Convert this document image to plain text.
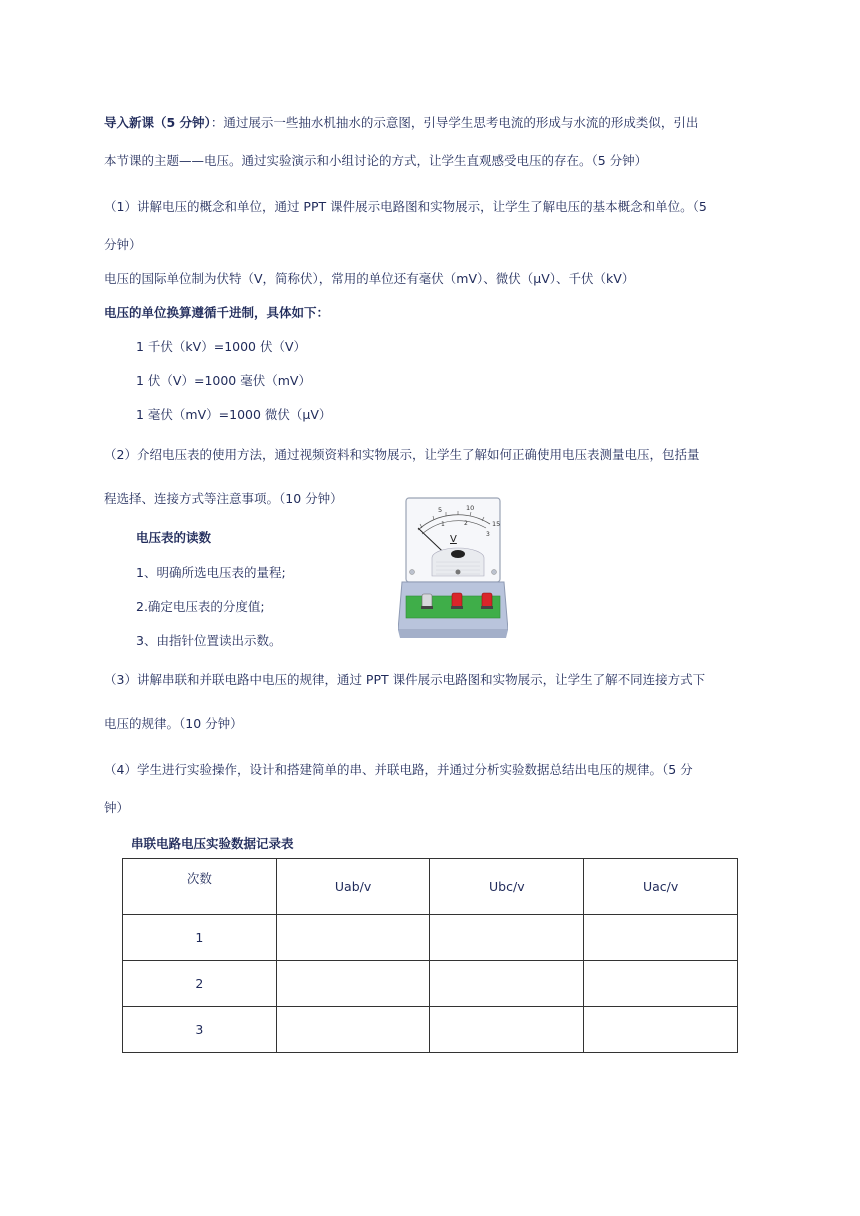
导入新课（5 分钟）：通过展示一些抽水机抽水的示意图，引导学生思考电流的形成与水流的形成类似，引出
本节课的主题——电压。通过实验演示和小组讨论的方式，让学生直观感受电压的存在。（5 分钟）
（1）讲解电压的概念和单位，通过 PPT 课件展示电路图和实物展示，让学生了解电压的基本概念和单位。（5
分钟）
电压的国际单位制为伏特（V，简称伏），常用的单位还有毫伏（mV）、微伏（μV）、千伏（kV）
电压的单位换算遵循千进制，具体如下：
1 千伏（kV）=1000 伏（V）
1 伏（V）=1000 毫伏（mV）
1 毫伏（mV）=1000 微伏（μV）
（2）介绍电压表的使用方法，通过视频资料和实物展示，让学生了解如何正确使用电压表测量电压，包括量
程选择、连接方式等注意事项。（10 分钟）
电压表的读数
1、明确所选电压表的量程;
2.确定电压表的分度值;
3、由指针位置读出示数。
5	10
15
1	2
3
V
（3）讲解串联和并联电路中电压的规律，通过 PPT 课件展示电路图和实物展示，让学生了解不同连接方式下
电压的规律。（10 分钟）
（4）学生进行实验操作，设计和搭建简单的串、并联电路，并通过分析实验数据总结出电压的规律。（5 分
钟）
串联电路电压实验数据记录表
次数	Uab/v	Ubc/v	Uac/v
1			
2			
3			
